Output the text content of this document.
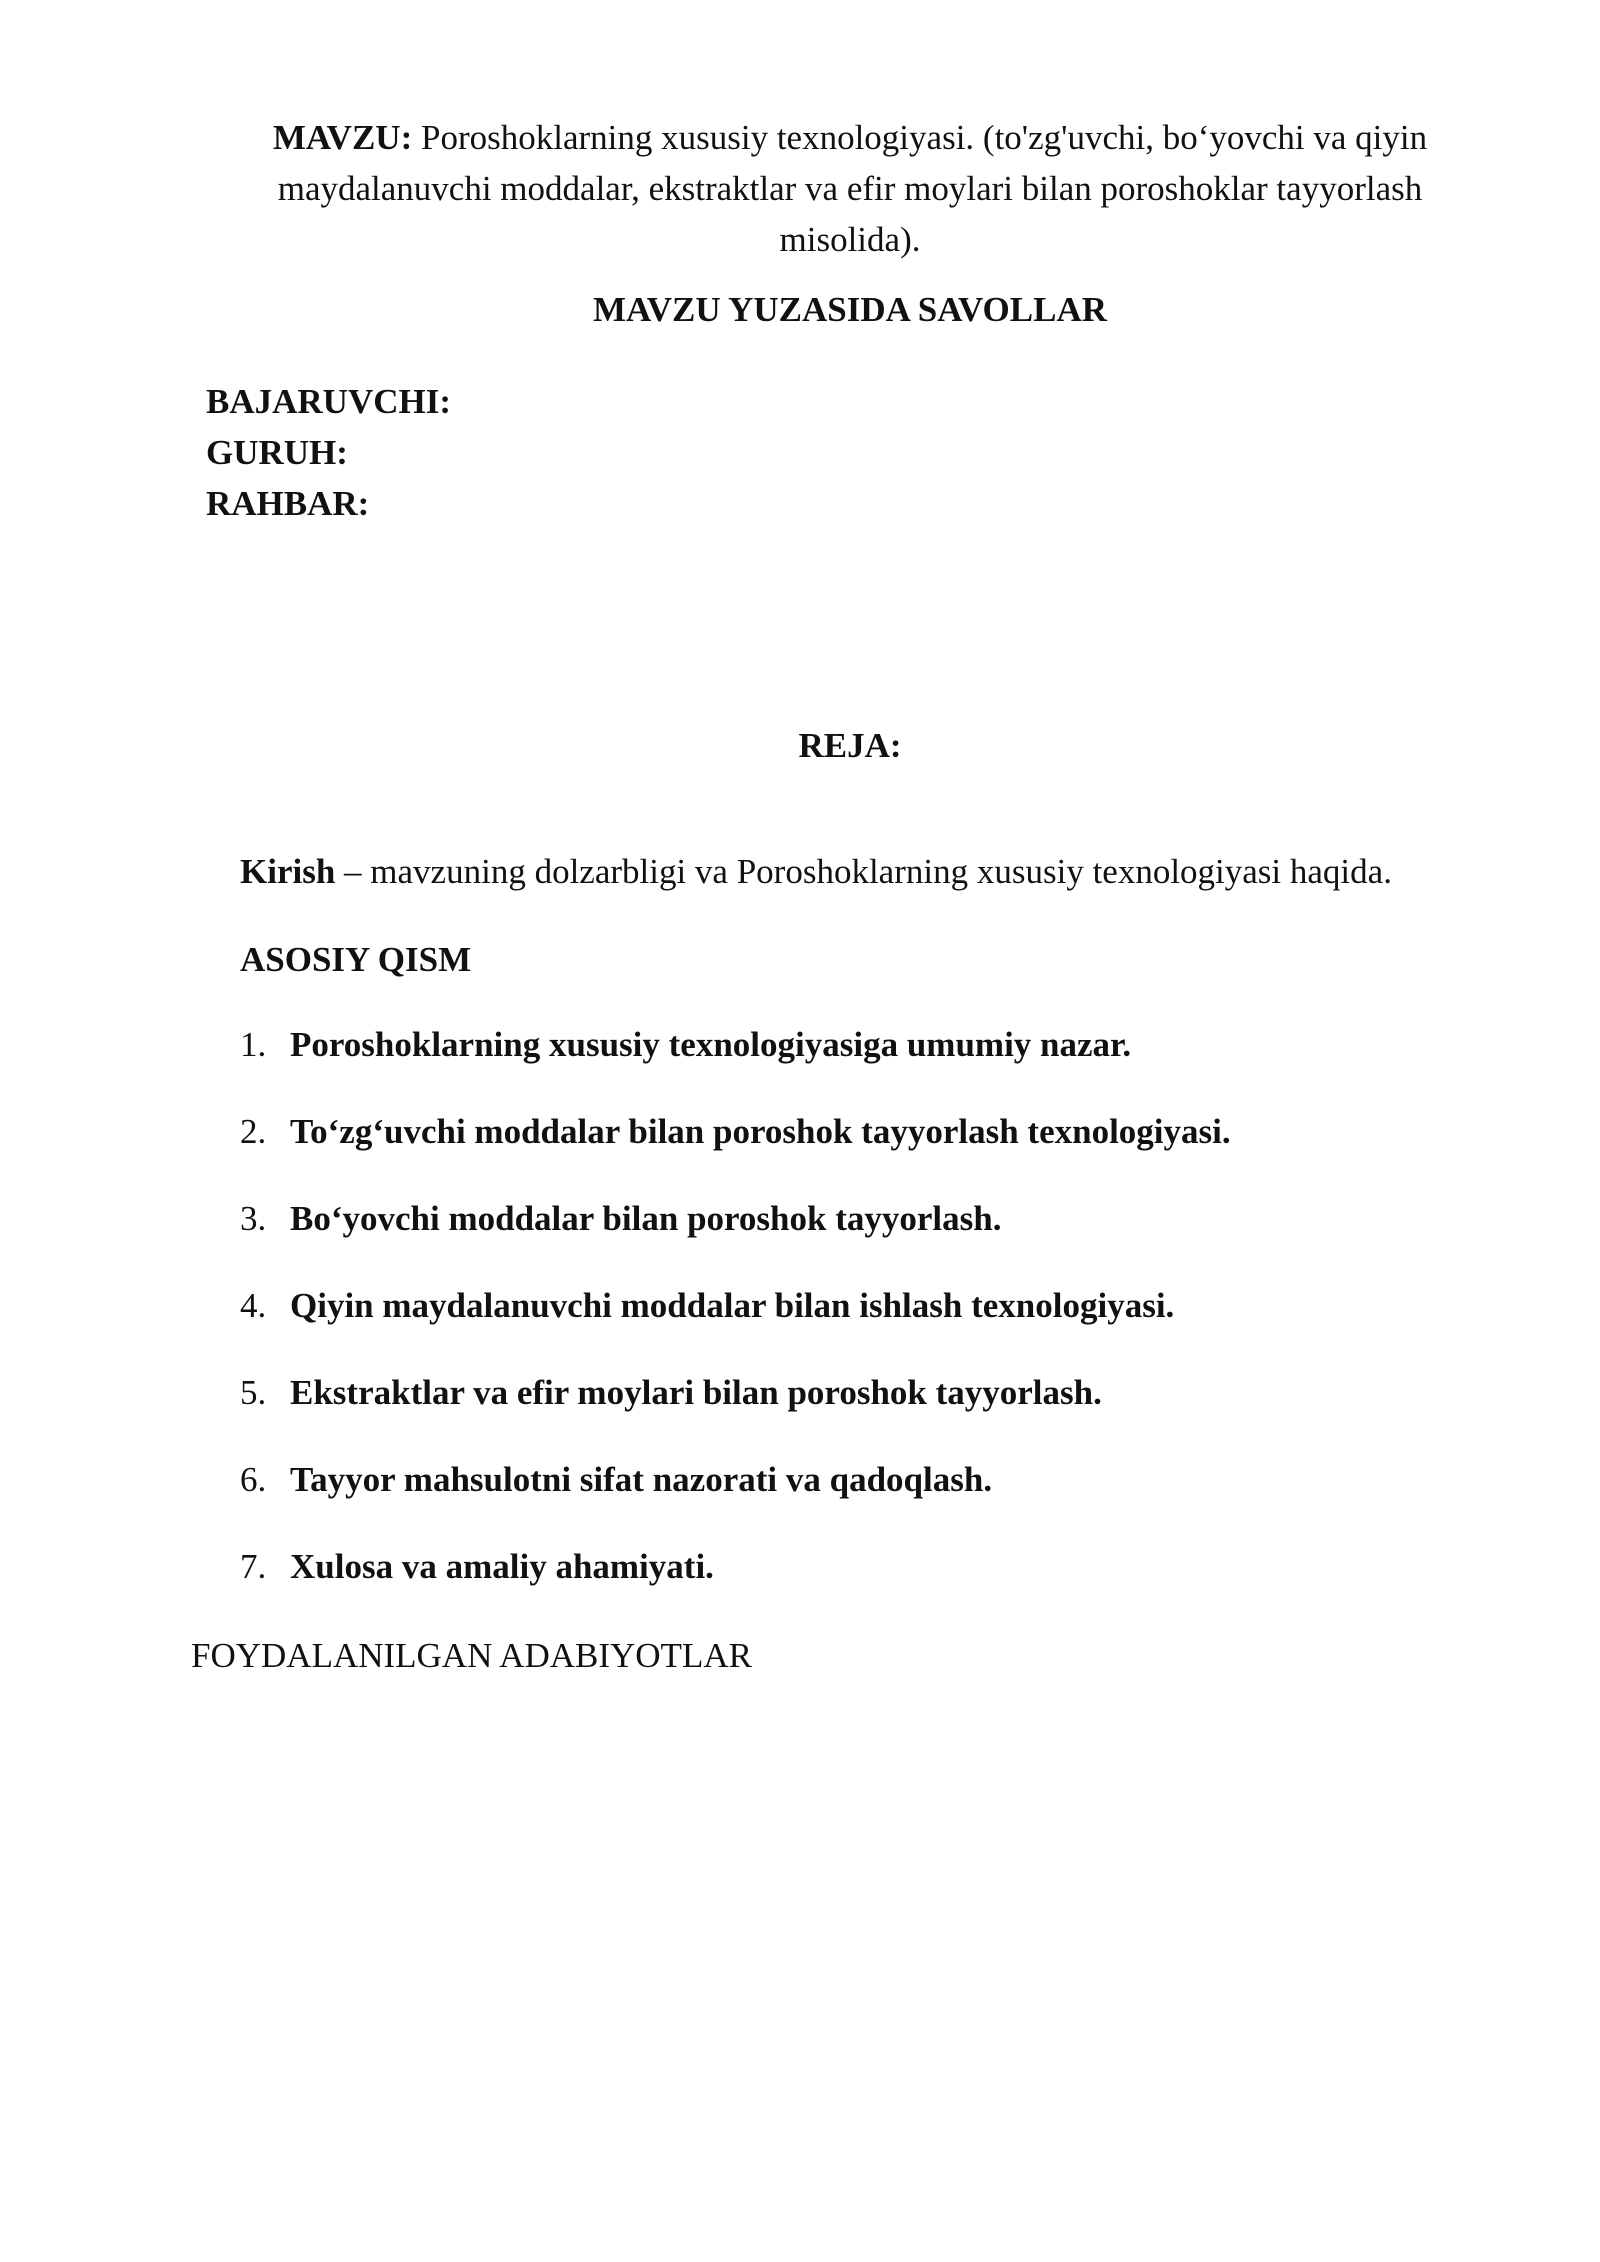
MAVZU: Poroshoklarning xususiy texnologiyasi. (to'zg'uvchi, bo‘yovchi va qiyin maydalanuvchi moddalar, ekstraktlar va efir moylari bilan poroshoklar tayyorlash misolida).

MAVZU YUZASIDA SAVOLLAR

BAJARUVCHI:
GURUH:
RAHBAR:

REJA:

Kirish – mavzuning dolzarbligi va Poroshoklarning xususiy texnologiyasi haqida.

ASOSIY QISM

1. Poroshoklarning xususiy texnologiyasiga umumiy nazar.
2. To‘zg‘uvchi moddalar bilan poroshok tayyorlash texnologiyasi.
3. Bo‘yovchi moddalar bilan poroshok tayyorlash.
4. Qiyin maydalanuvchi moddalar bilan ishlash texnologiyasi.
5. Ekstraktlar va efir moylari bilan poroshok tayyorlash.
6. Tayyor mahsulotni sifat nazorati va qadoqlash.
7. Xulosa va amaliy ahamiyati.

FOYDALANILGAN ADABIYOTLAR
